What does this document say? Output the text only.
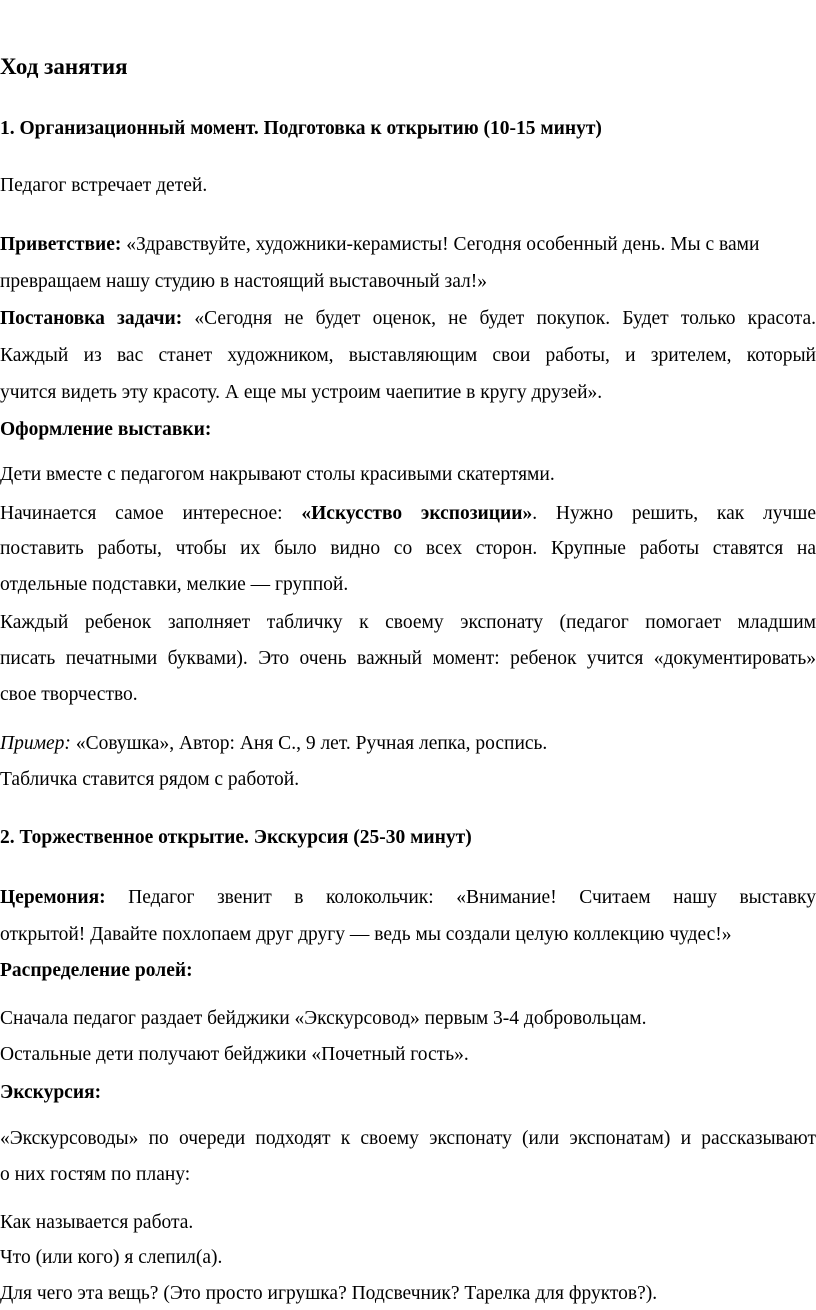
Ход занятия
1. Организационный момент. Подготовка к открытию (10-15 минут)
Педагог встречает детей.
Приветствие: «Здравствуйте, художники-керамисты! Сегодня особенный день. Мы с вами
превращаем нашу студию в настоящий выставочный зал!»
Постановка задачи: «Сегодня не будет оценок, не будет покупок. Будет только красота.
Каждый из вас станет художником, выставляющим свои работы, и зрителем, который
учится видеть эту красоту. А еще мы устроим чаепитие в кругу друзей».
Оформление выставки:
Дети вместе с педагогом накрывают столы красивыми скатертями.
Начинается самое интересное: «Искусство экспозиции». Нужно решить, как лучше
поставить работы, чтобы их было видно со всех сторон. Крупные работы ставятся на
отдельные подставки, мелкие — группой.
Каждый ребенок заполняет табличку к своему экспонату (педагог помогает младшим
писать печатными буквами). Это очень важный момент: ребенок учится «документировать»
свое творчество.
Пример: «Совушка», Автор: Аня С., 9 лет. Ручная лепка, роспись.
Табличка ставится рядом с работой.
2. Торжественное открытие. Экскурсия (25-30 минут)
Церемония: Педагог звенит в колокольчик: «Внимание! Считаем нашу выставку
открытой! Давайте похлопаем друг другу — ведь мы создали целую коллекцию чудес!»
Распределение ролей:
Сначала педагог раздает бейджики «Экскурсовод» первым 3-4 добровольцам.
Остальные дети получают бейджики «Почетный гость».
Экскурсия:
«Экскурсоводы» по очереди подходят к своему экспонату (или экспонатам) и рассказывают
о них гостям по плану:
Как называется работа.
Что (или кого) я слепил(а).
Для чего эта вещь? (Это просто игрушка? Подсвечник? Тарелка для фруктов?).
